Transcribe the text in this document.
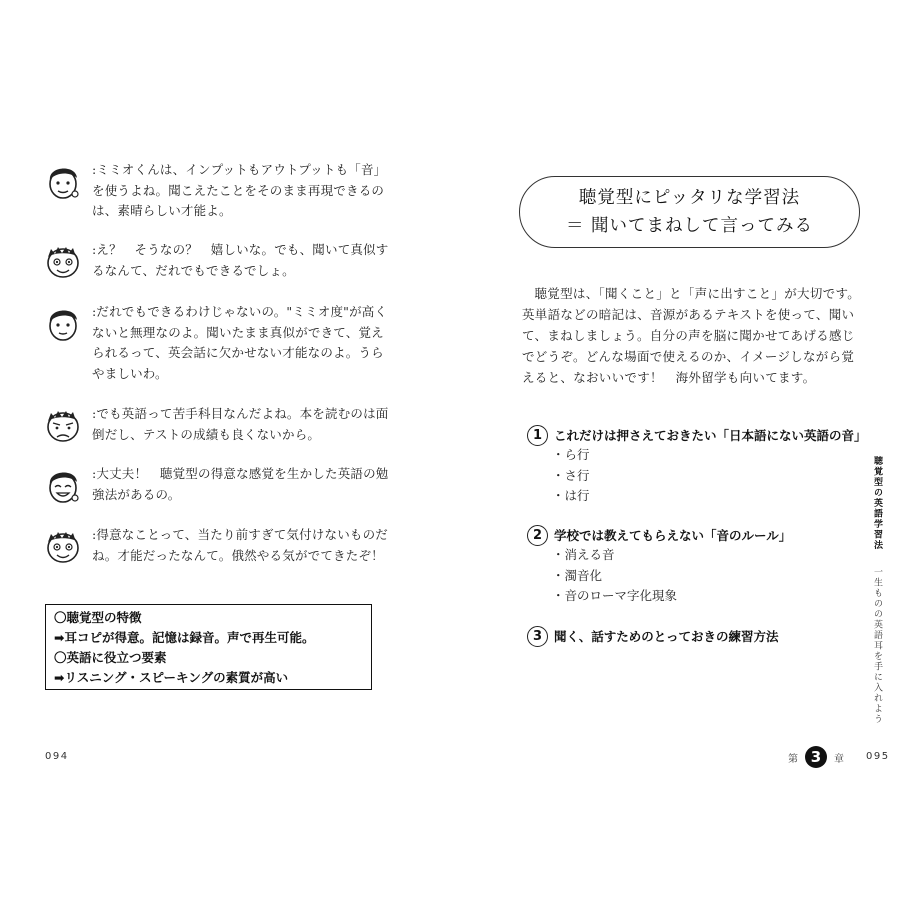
:ミミオくんは、インプットもアウトプットも「音」を使うよね。聞こえたことをそのまま再現できるのは、素晴らしい才能よ。
:え？　そうなの？　嬉しいな。でも、聞いて真似するなんて、だれでもできるでしょ。
:だれでもできるわけじゃないの。"ミミオ度"が高くないと無理なのよ。聞いたまま真似ができて、覚えられるって、英会話に欠かせない才能なのよ。うらやましいわ。
:でも英語って苦手科目なんだよね。本を読むのは面倒だし、テストの成績も良くないから。
:大丈夫！　聴覚型の得意な感覚を生かした英語の勉強法があるの。
:得意なことって、当たり前すぎて気付けないものだね。才能だったなんて。俄然やる気がでてきたぞ！
〇聴覚型の特徴
➡耳コピが得意。記憶は録音。声で再生可能。
〇英語に役立つ要素
➡リスニング・スピーキングの素質が高い
094
聴覚型にピッタリな学習法
＝ 聞いてまねして言ってみる
聴覚型は、「聞くこと」と「声に出すこと」が大切です。英単語などの暗記は、音源があるテキストを使って、聞いて、まねしましょう。自分の声を脳に聞かせてあげる感じでどうぞ。どんな場面で使えるのか、イメージしながら覚えると、なおいいです！　海外留学も向いてます。
1 これだけは押さえておきたい「日本語にない英語の音」
・ ら行
・ さ行
・ は行
2 学校では教えてもらえない「音のルール」
・ 消える音
・ 濁音化
・ 音のローマ字化現象
3 聞く、話すためのとっておきの練習方法
聴覚型の英語学習法  一生ものの英語耳を手に入れよう
第 3	章 095
